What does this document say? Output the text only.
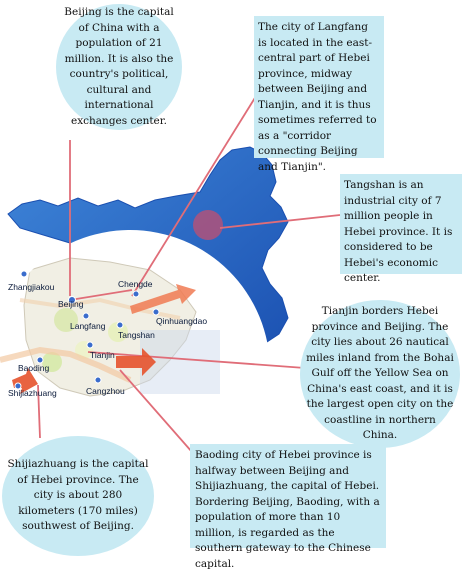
Zhangjiakou	Chengde
Beijing
Langfang
Tangshan
Qinhuangdao
Tianjin
Baoding
Shijiazhuang	Cangzhou
Beijing is the capital of China with a population of 21 million. It is also the country's political, cultural and international exchanges center.
The city of Langfang is located in the east-central part of Hebei province, midway between Beijing and Tianjin, and it is thus sometimes referred to as a "corridor connecting Beijing and Tianjin".
Tangshan is an industrial city of 7 million people in Hebei province. It is considered to be Hebei's economic center.
Tianjin borders Hebei province and Beijing. The city lies about 26 nautical miles inland from the Bohai Gulf off the Yellow Sea on China's east coast, and it is the largest open city on the coastline in northern China.
Shijiazhuang is the capital of Hebei province. The city is about 280 kilometers (170 miles) southwest of Beijing.
Baoding city of Hebei province is halfway between Beijing and Shijiazhuang, the capital of Hebei. Bordering Beijing, Baoding, with a population of more than 10 million, is regarded as the southern gateway to the Chinese capital.
